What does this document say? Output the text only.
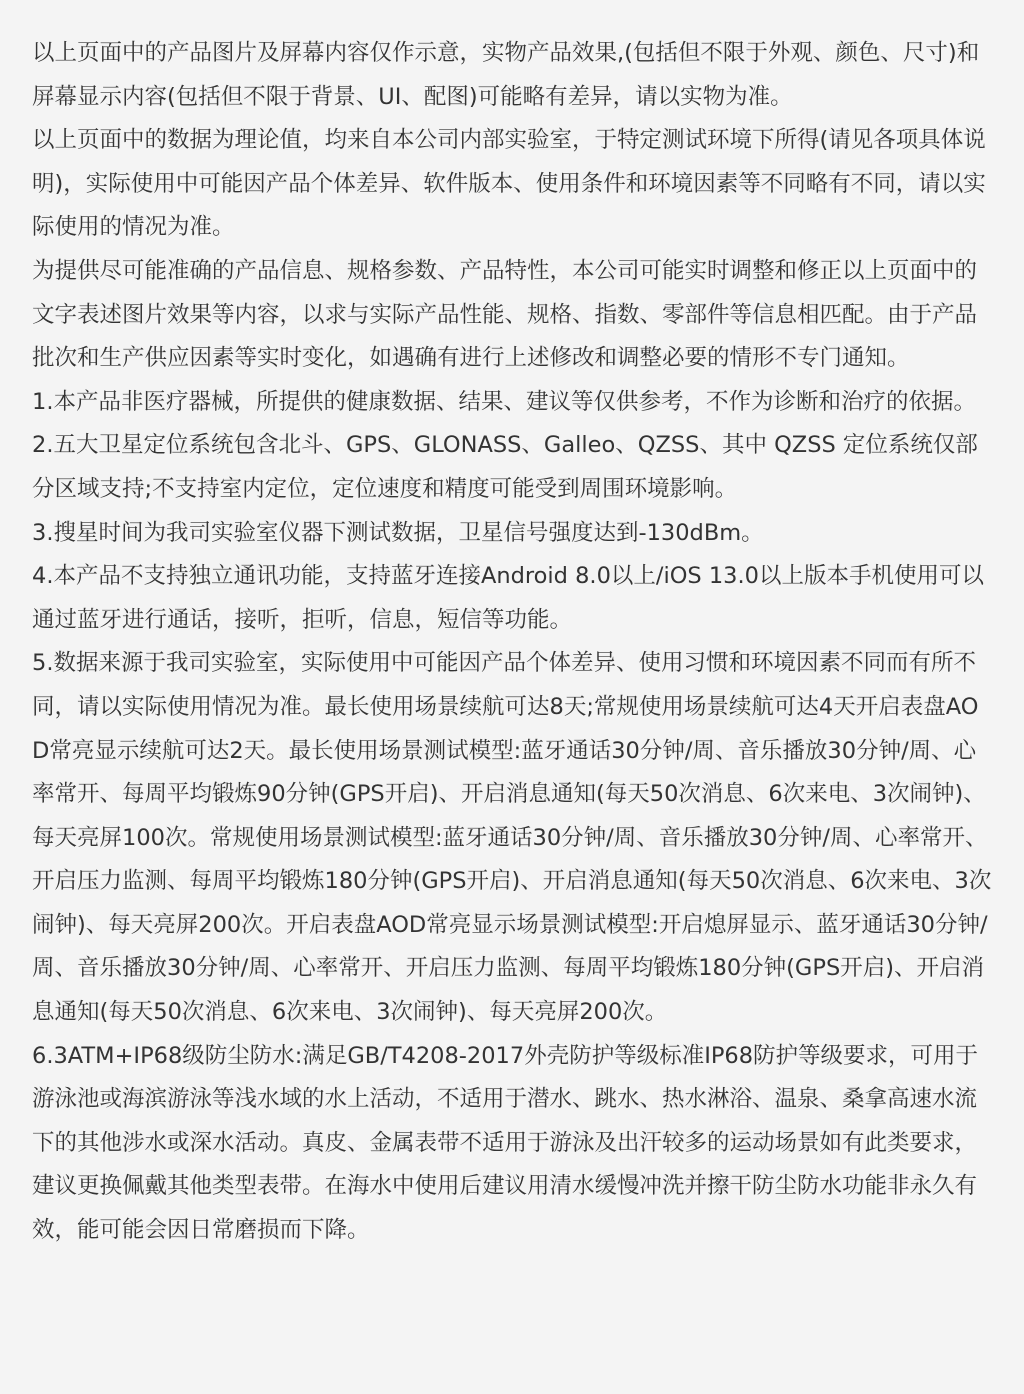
以上页面中的产品图片及屏幕内容仅作示意，实物产品效果,(包括但不限于外观、颜色、尺寸)和屏幕显示内容(包括但不限于背景、UI、配图)可能略有差异，请以实物为准。

以上页面中的数据为理论值，均来自本公司内部实验室，于特定测试环境下所得(请见各项具体说明)，实际使用中可能因产品个体差异、软件版本、使用条件和环境因素等不同略有不同，请以实际使用的情况为准。

为提供尽可能准确的产品信息、规格参数、产品特性，本公司可能实时调整和修正以上页面中的文字表述图片效果等内容，以求与实际产品性能、规格、指数、零部件等信息相匹配。由于产品批次和生产供应因素等实时变化，如遇确有进行上述修改和调整必要的情形不专门通知。

1.本产品非医疗器械，所提供的健康数据、结果、建议等仅供参考，不作为诊断和治疗的依据。

2.五大卫星定位系统包含北斗、GPS、GLONASS、Galleo、QZSS、其中 QZSS 定位系统仅部分区域支持;不支持室内定位，定位速度和精度可能受到周围环境影响。

3.搜星时间为我司实验室仪器下测试数据，卫星信号强度达到-130dBm。

4.本产品不支持独立通讯功能，支持蓝牙连接Android 8.0以上/iOS 13.0以上版本手机使用可以通过蓝牙进行通话，接听，拒听，信息，短信等功能。

5.数据来源于我司实验室，实际使用中可能因产品个体差异、使用习惯和环境因素不同而有所不同，请以实际使用情况为准。最长使用场景续航可达8天;常规使用场景续航可达4天开启表盘AOD常亮显示续航可达2天。最长使用场景测试模型:蓝牙通话30分钟/周、音乐播放30分钟/周、心率常开、每周平均锻炼90分钟(GPS开启)、开启消息通知(每天50次消息、6次来电、3次闹钟)、每天亮屏100次。常规使用场景测试模型:蓝牙通话30分钟/周、音乐播放30分钟/周、心率常开、开启压力监测、每周平均锻炼180分钟(GPS开启)、开启消息通知(每天50次消息、6次来电、3次闹钟)、每天亮屏200次。开启表盘AOD常亮显示场景测试模型:开启熄屏显示、蓝牙通话30分钟/周、音乐播放30分钟/周、心率常开、开启压力监测、每周平均锻炼180分钟(GPS开启)、开启消息通知(每天50次消息、6次来电、3次闹钟)、每天亮屏200次。

6.3ATM+IP68级防尘防水:满足GB/T4208-2017外壳防护等级标准IP68防护等级要求，可用于游泳池或海滨游泳等浅水域的水上活动，不适用于潜水、跳水、热水淋浴、温泉、桑拿高速水流下的其他涉水或深水活动。真皮、金属表带不适用于游泳及出汗较多的运动场景如有此类要求，建议更换佩戴其他类型表带。在海水中使用后建议用清水缓慢冲洗并擦干防尘防水功能非永久有效，能可能会因日常磨损而下降。
